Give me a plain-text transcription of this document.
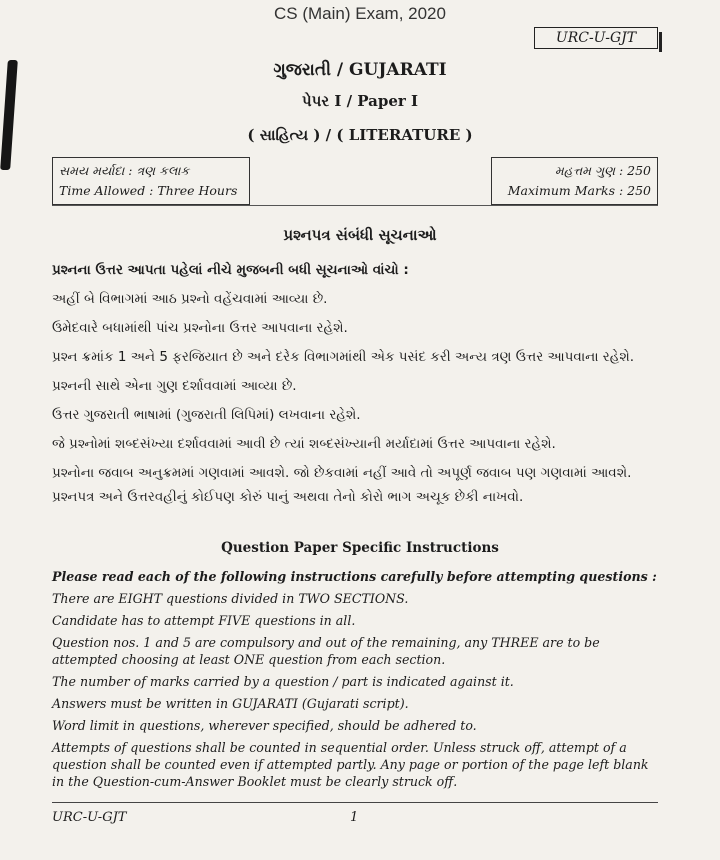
CS (Main) Exam, 2020
URC-U-GJT
ગુજરાતી / GUJARATI
પેપર I / Paper I
( સાહિત્ય ) / ( LITERATURE )
સમય મર્યાદા : ત્રણ કલાક
Time Allowed : Three Hours
મહત્તમ ગુણ : 250
Maximum Marks : 250
પ્રશ્નપત્ર સંબંધી સૂચનાઓ

પ્રશ્નના ઉત્તર આપતા પહેલાં નીચે મુજબની બધી સૂચનાઓ વાંચો :

અહીં બે વિભાગમાં આઠ પ્રશ્નો વહેંચવામાં આવ્યા છે.

ઉમેદવારે બધામાંથી પાંચ પ્રશ્નોના ઉત્તર આપવાના રહેશે.

પ્રશ્ન ક્રમાંક 1 અને 5 ફરજિયાત છે અને દરેક વિભાગમાંથી એક પસંદ કરી અન્ય ત્રણ ઉત્તર આપવાના રહેશે.

પ્રશ્નની સાથે એના ગુણ દર્શાવવામાં આવ્યા છે.

ઉત્તર ગુજરાતી ભાષામાં (ગુજરાતી લિપિમાં) લખવાના રહેશે.

જે પ્રશ્નોમાં શબ્દસંખ્યા દર્શાવવામાં આવી છે ત્યાં શબ્દસંખ્યાની મર્યાદામાં ઉત્તર આપવાના રહેશે.

પ્રશ્નોના જવાબ અનુક્રમમાં ગણવામાં આવશે. જો છેકવામાં નહીં આવે તો અપૂર્ણ જવાબ પણ ગણવામાં આવશે. પ્રશ્નપત્ર અને ઉત્તરવહીનું કોઈપણ કોરું પાનું અથવા તેનો કોરો ભાગ અચૂક છેકી નાખવો.

Question Paper Specific Instructions

Please read each of the following instructions carefully before attempting questions :

There are EIGHT questions divided in TWO SECTIONS.

Candidate has to attempt FIVE questions in all.

Question nos. 1 and 5 are compulsory and out of the remaining, any THREE are to be attempted choosing at least ONE question from each section.

The number of marks carried by a question / part is indicated against it.

Answers must be written in GUJARATI (Gujarati script).

Word limit in questions, wherever specified, should be adhered to.

Attempts of questions shall be counted in sequential order. Unless struck off, attempt of a question shall be counted even if attempted partly. Any page or portion of the page left blank in the Question-cum-Answer Booklet must be clearly struck off.

URC-U-GJT	1
